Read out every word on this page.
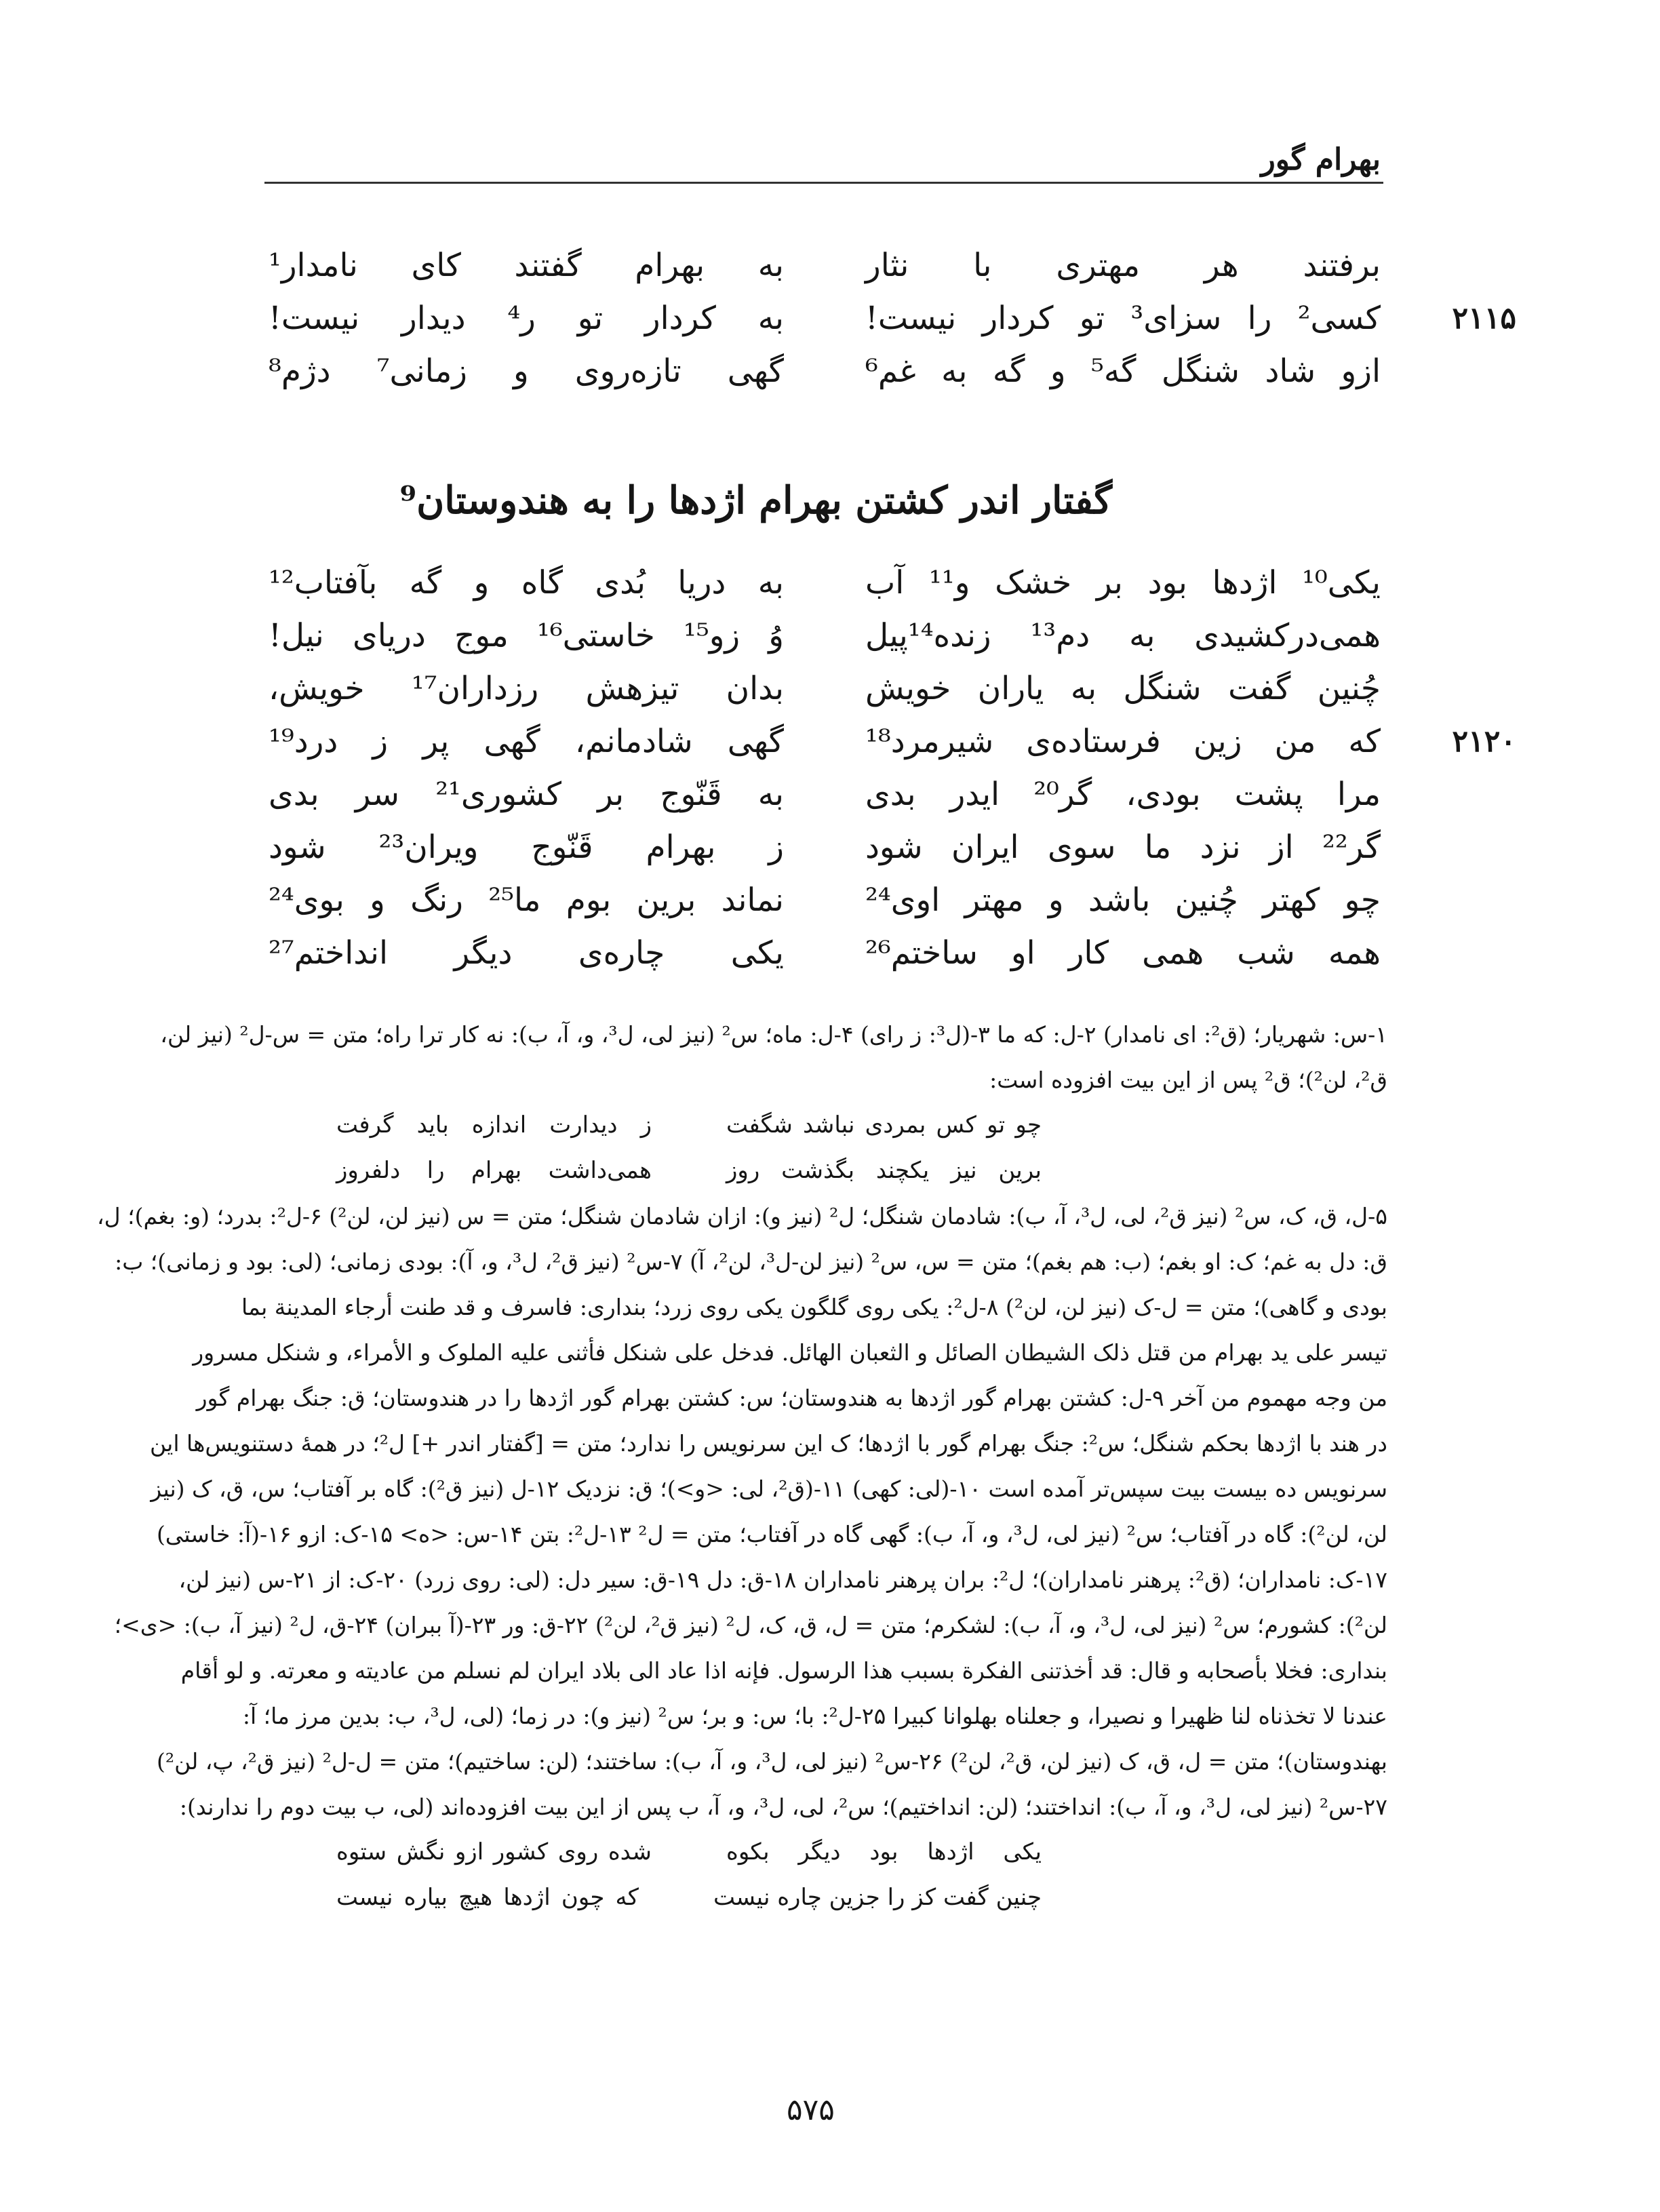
بهرام گور
برفتند هر مهتری با نثار
به بهرام گفتند کای نامدار¹
۲۱۱۵
کسی² را سزای³ تو کردار نیست!
به کردار تو ر⁴ دیدار نیست!
ازو شاد شنگل گه⁵ و گه به غم⁶
گهی تازه‌روی و زمانی⁷ دژم⁸
گفتار اندر کشتن بهرام اژدها را به هندوستان⁹
یکی¹⁰ اژدها بود بر خشک و¹¹ آب
به دریا بُدی گاه و گه بآفتاب¹²
همی‌درکشیدی به دم¹³ زنده¹⁴پیل
وُ زو¹⁵ خاستی¹⁶ موج دریای نیل!
چُنین گفت شنگل به یاران خویش
بدان تیزهش رزداران¹⁷ خویش،
۲۱۲۰
که من زین فرستاده‌ی شیرمرد¹⁸
گهی شادمانم، گهی پر ز درد¹⁹
مرا پشت بودی، گر²⁰ ایدر بدی
به قَنّوج بر کشوری²¹ سر بدی
گر²² از نزد ما سوی ایران شود
ز بهرام قَنّوج ویران²³ شود
چو کهتر چُنین باشد و مهتر اوی²⁴
نماند برین بوم ما²⁵ رنگ و بوی²⁴
همه شب همی کار او ساختم²⁶
یکی چاره‌ی دیگر انداختم²⁷
۱-س: شهریار؛ (ق²: ای نامدار) ۲-ل: که ما ۳-(ل³: ز رای) ۴-ل: ماه؛ س² (نیز لی، ل³، و، آ، ب): نه کار ترا راه؛ متن = س-ل² (نیز لن،
ق²، لن²)؛ ق² پس از این بیت افزوده است:
چو تو کس بمردی نباشد شگفت
ز دیدارت اندازه باید گرفت
برین نیز یکچند بگذشت روز
همی‌داشت بهرام را دلفروز
۵-ل، ق، ک، س² (نیز ق²، لی، ل³، آ، ب): شادمان شنگل؛ ل² (نیز و): ازان شادمان شنگل؛ متن = س (نیز لن، لن²) ۶-ل²: بدرد؛ (و: بغم)؛ ل،
ق: دل به غم؛ ک: او بغم؛ (ب: هم بغم)؛ متن = س، س² (نیز لن-ل³، لن²، آ) ۷-س² (نیز ق²، ل³، و، آ): بودی زمانی؛ (لی: بود و زمانی)؛ ب:
بودی و گاهی)؛ متن = ل-ک (نیز لن، لن²) ۸-ل²: یکی روی گلگون یکی روی زرد؛ بنداری: فاسرف و قد طنت أرجاء المدینة بما
تیسر علی ید بهرام من قتل ذلک الشیطان الصائل و الثعبان الهائل. فدخل علی شنکل فأثنی علیه الملوک و الأمراء، و شنکل مسرور
من وجه مهموم من آخر ۹-ل: کشتن بهرام گور اژدها به هندوستان؛ س: کشتن بهرام گور اژدها را در هندوستان؛ ق: جنگ بهرام گور
در هند با اژدها بحکم شنگل؛ س²: جنگ بهرام گور با اژدها؛ ک این سرنویس را ندارد؛ متن = [گفتار اندر +] ل²؛ در همهٔ دستنویس‌ها این
سرنویس ده بیست بیت سپس‌تر آمده است ۱۰-(لی: کهی) ۱۱-(ق²، لی: <و>)؛ ق: نزدیک ۱۲-ل (نیز ق²): گاه بر آفتاب؛ س، ق، ک (نیز
لن، لن²): گاه در آفتاب؛ س² (نیز لی، ل³، و، آ، ب): گهی گاه در آفتاب؛ متن = ل² ۱۳-ل²: بتن ۱۴-س: <ه> ۱۵-ک: ازو ۱۶-(آ: خاستی)
۱۷-ک: نامداران؛ (ق²: پرهنر نامداران)؛ ل²: بران پرهنر نامداران ۱۸-ق: دل ۱۹-ق: سیر دل: (لی: روی زرد) ۲۰-ک: از ۲۱-س (نیز لن،
لن²): کشورم؛ س² (نیز لی، ل³، و، آ، ب): لشکرم؛ متن = ل، ق، ک، ل² (نیز ق²، لن²) ۲۲-ق: ور ۲۳-(آ ببران) ۲۴-ق، ل² (نیز آ، ب): <ی>؛
بنداری: فخلا بأصحابه و قال: قد أخذتنی الفکرة بسبب هذا الرسول. فإنه اذا عاد الی بلاد ایران لم نسلم من عادیته و معرته. و لو أقام
عندنا لا تخذناه لنا ظهیرا و نصیرا، و جعلناه بهلوانا کبیرا ۲۵-ل²: با؛ س: و بر؛ س² (نیز و): در زما؛ (لی، ل³، ب: بدین مرز ما؛ آ:
بهندوستان)؛ متن = ل، ق، ک (نیز لن، ق²، لن²) ۲۶-س² (نیز لی، ل³، و، آ، ب): ساختند؛ (لن: ساختیم)؛ متن = ل-ل² (نیز ق²، پ، لن²)
۲۷-س² (نیز لی، ل³، و، آ، ب): انداختند؛ (لن: انداختیم)؛ س²، لی، ل³، و، آ، ب پس از این بیت افزوده‌اند (لی، ب بیت دوم را ندارند):
یکی اژدها بود دیگر بکوه
شده روی کشور ازو نگش ستوه
چنین گفت کز را جزین چاره نیست
که چون اژدها هیچ بیاره نیست
۵۷۵
